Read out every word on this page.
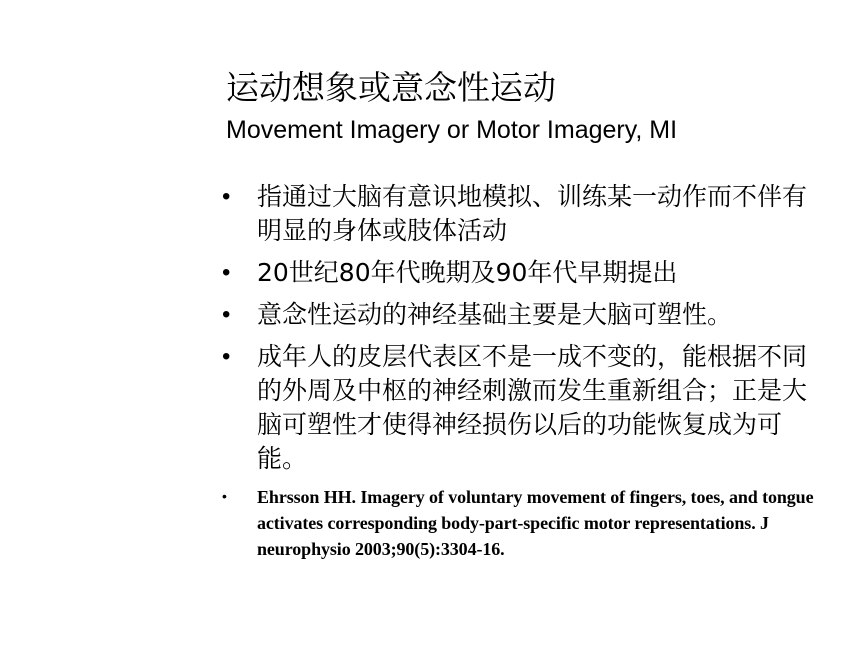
运动想象或意念性运动
Movement Imagery or Motor Imagery, MI
• 指通过大脑有意识地模拟、训练某一动作而不伴有明显的身体或肢体活动
• 20世纪80年代晚期及90年代早期提出
• 意念性运动的神经基础主要是大脑可塑性。
• 成年人的皮层代表区不是一成不变的，能根据不同的外周及中枢的神经刺激而发生重新组合；正是大脑可塑性才使得神经损伤以后的功能恢复成为可能。
• Ehrsson HH. Imagery of voluntary movement of fingers, toes, and tongue activates corresponding body-part-specific motor representations. J neurophysio 2003;90(5):3304-16.
